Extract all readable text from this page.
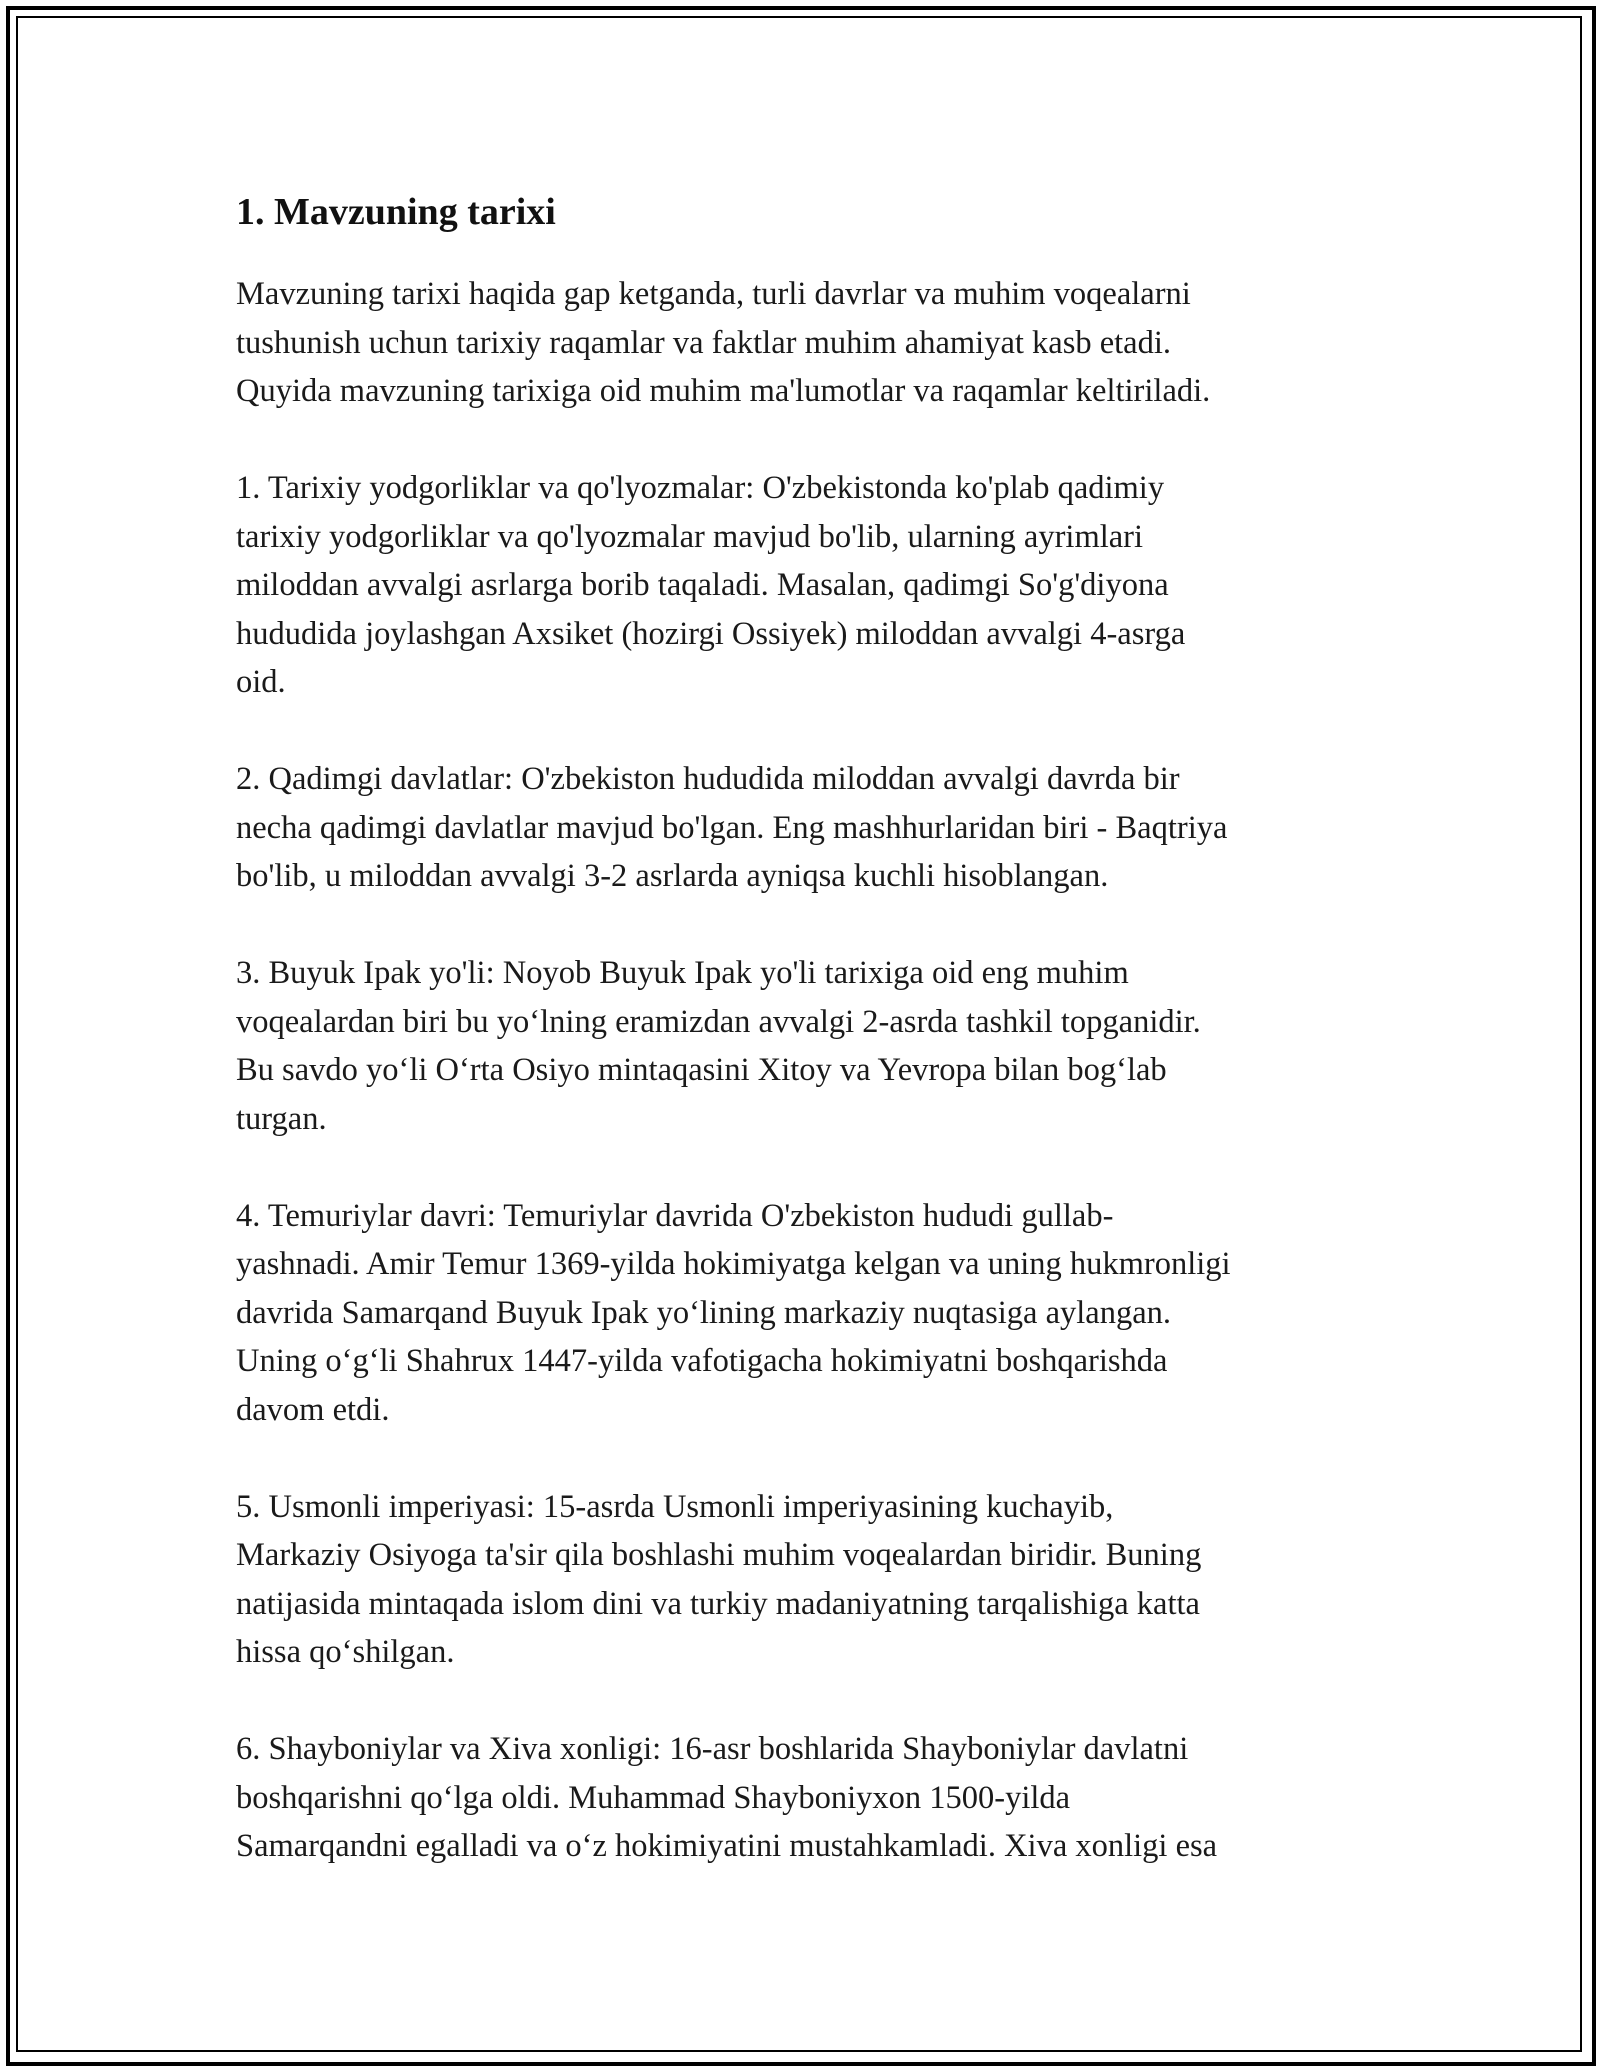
1. Mavzuning tarixi

Mavzuning tarixi haqida gap ketganda, turli davrlar va muhim voqealarni
tushunish uchun tarixiy raqamlar va faktlar muhim ahamiyat kasb etadi.
Quyida mavzuning tarixiga oid muhim ma'lumotlar va raqamlar keltiriladi.

1. Tarixiy yodgorliklar va qo'lyozmalar: O'zbekistonda ko'plab qadimiy
tarixiy yodgorliklar va qo'lyozmalar mavjud bo'lib, ularning ayrimlari
miloddan avvalgi asrlarga borib taqaladi. Masalan, qadimgi So'g'diyona
hududida joylashgan Axsiket (hozirgi Ossiyek) miloddan avvalgi 4-asrga
oid.

2. Qadimgi davlatlar: O'zbekiston hududida miloddan avvalgi davrda bir
necha qadimgi davlatlar mavjud bo'lgan. Eng mashhurlaridan biri - Baqtriya
bo'lib, u miloddan avvalgi 3-2 asrlarda ayniqsa kuchli hisoblangan.

3. Buyuk Ipak yo'li: Noyob Buyuk Ipak yo'li tarixiga oid eng muhim
voqealardan biri bu yo‘lning eramizdan avvalgi 2-asrda tashkil topganidir.
Bu savdo yo‘li O‘rta Osiyo mintaqasini Xitoy va Yevropa bilan bog‘lab
turgan.

4. Temuriylar davri: Temuriylar davrida O'zbekiston hududi gullab-
yashnadi. Amir Temur 1369-yilda hokimiyatga kelgan va uning hukmronligi
davrida Samarqand Buyuk Ipak yo‘lining markaziy nuqtasiga aylangan.
Uning o‘g‘li Shahrux 1447-yilda vafotigacha hokimiyatni boshqarishda
davom etdi.

5. Usmonli imperiyasi: 15-asrda Usmonli imperiyasining kuchayib,
Markaziy Osiyoga ta'sir qila boshlashi muhim voqealardan biridir. Buning
natijasida mintaqada islom dini va turkiy madaniyatning tarqalishiga katta
hissa qo‘shilgan.

6. Shayboniylar va Xiva xonligi: 16-asr boshlarida Shayboniylar davlatni
boshqarishni qo‘lga oldi. Muhammad Shayboniyxon 1500-yilda
Samarqandni egalladi va o‘z hokimiyatini mustahkamladi. Xiva xonligi esa
